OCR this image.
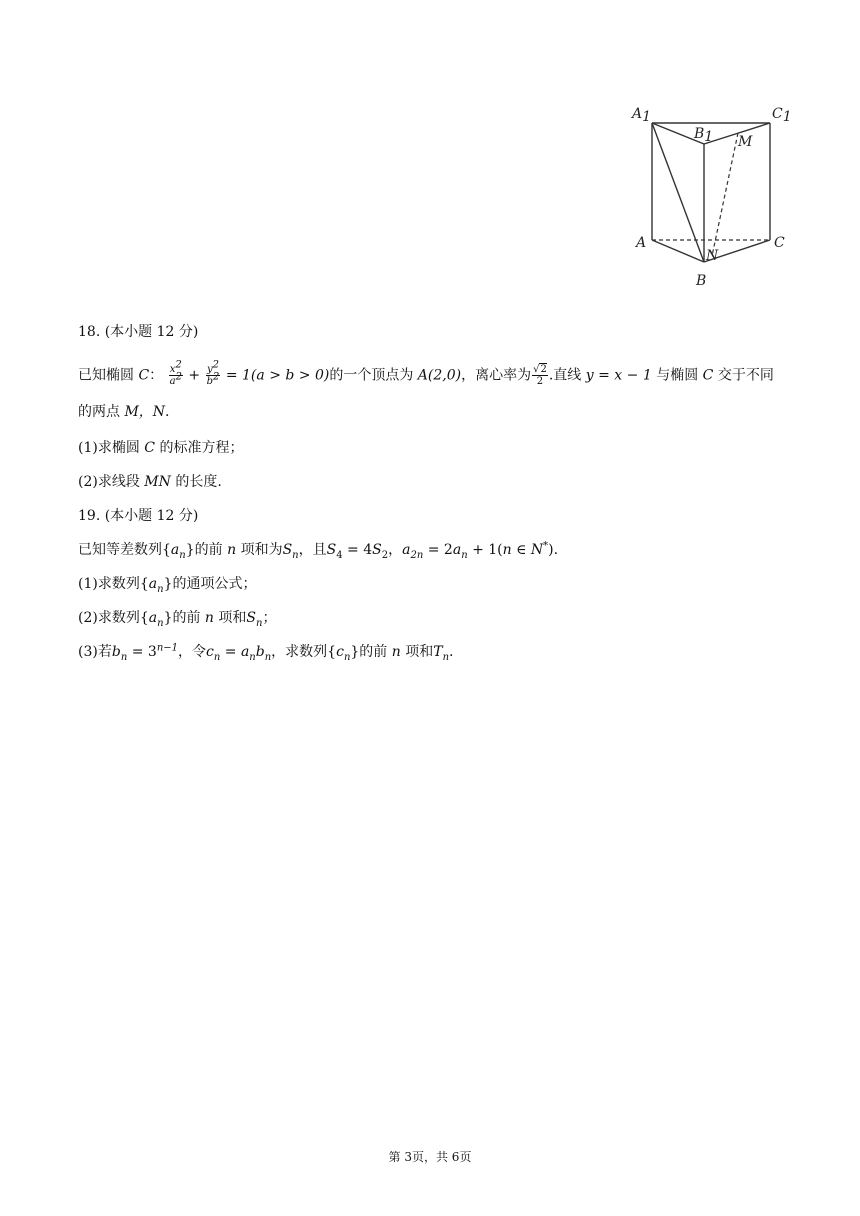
A1
B1
C1
M
A
N
C
B
18. (本小题 12 分)
已知椭圆 C： $\frac{x^2}{a^2} + \frac{y^2}{b^2} = 1(a > b > 0)$的一个顶点为 A(2,0)，离心率为 $\frac{√2}{2}$ .直线 y = x − 1 与椭圆 C 交于不同
的两点 M，N.
(1)求椭圆 C 的标准方程；
(2)求线段 MN 的长度.
19. (本小题 12 分)
已知等差数列$\{a_n\}$的前 n 项和为$S_n$，且$S_4 = 4S_2$，$a_{2n} = 2a_n + 1(n$ ∈ N*).
(1)求数列$\{a_n\}$的通项公式；
(2)求数列$\{a_n\}$的前 n 项和$S_n$；
(3)若$b_n = 3^{n-1}$，令$c_n = a_nb_n$，求数列$\{c_n\}$的前 n 项和$T_n$.
第 3页，共 6页
